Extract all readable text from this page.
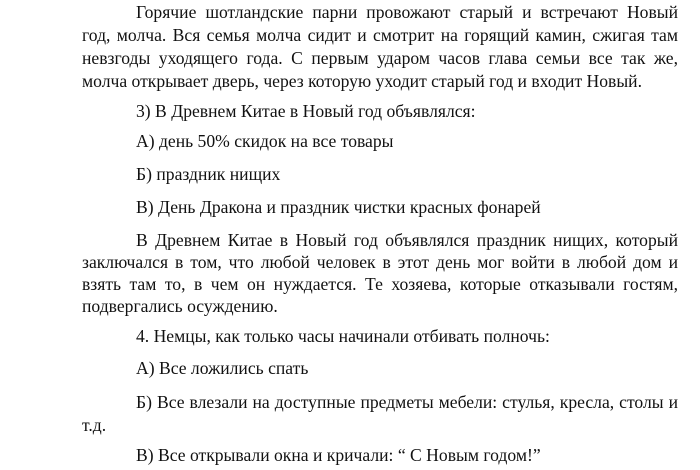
Горячие шотландские парни провожают старый и встречают Новый
год, молча. Вся семья молча сидит и смотрит на горящий камин, сжигая там
невзгоды уходящего года. С первым ударом часов глава семьи все так же,
молча открывает дверь, через которую уходит старый год и входит Новый.
3) В Древнем Китае в Новый год объявлялся:
А) день 50% скидок на все товары
Б) праздник нищих
В) День Дракона и праздник чистки красных фонарей
В Древнем Китае в Новый год объявлялся праздник нищих, который
заключался в том, что любой человек в этот день мог войти в любой дом и
взять там то, в чем он нуждается. Те хозяева, которые отказывали гостям,
подвергались осуждению.
4. Немцы, как только часы начинали отбивать полночь:
А) Все ложились спать
Б) Все влезали на доступные предметы мебели: стулья, кресла, столы и
т.д.
В) Все открывали окна и кричали: “ С Новым годом!”
